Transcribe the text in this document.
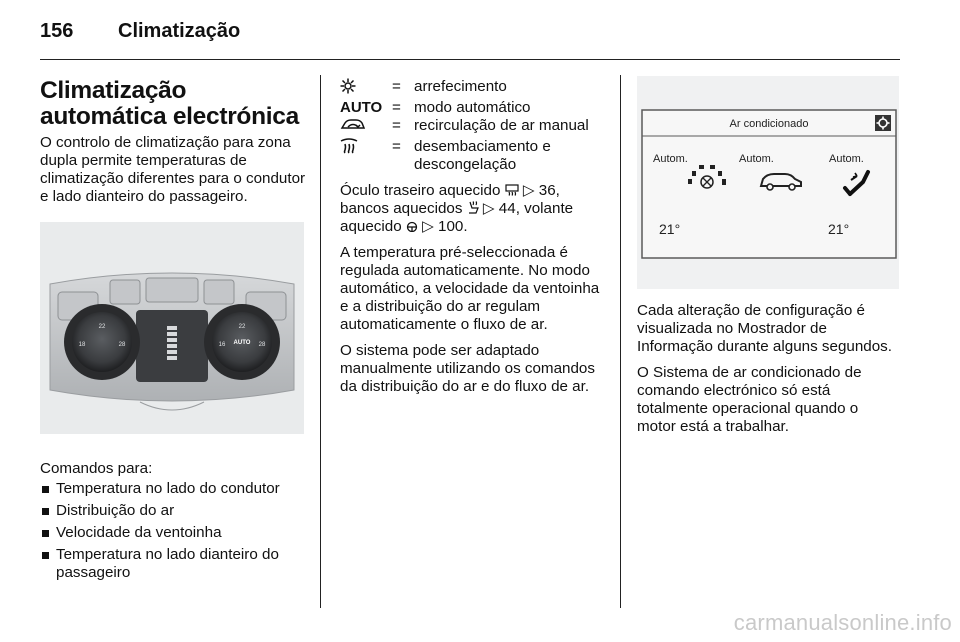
156 Climatização
Climatização automática electrónica

O controlo de climatização para zona dupla permite temperaturas de climatização diferentes para o condutor e lado dianteiro do passageiro.

22
18	28
22
16	28
AUTO
Comandos para:
Temperatura no lado do condutor
Distribuição do ar
Velocidade da ventoinha
Temperatura no lado dianteiro do passageiro
	=	arrefecimento
AUTO	=	modo automático
	=	recirculação de ar manual
	=	desembaciamento e descongelação

Óculo traseiro aquecido  ▷ 36, bancos aquecidos  ▷ 44, volante aquecido  ▷ 100.

A temperatura pré-seleccionada é regulada automaticamente. No modo automático, a velocidade da ventoinha e a distribuição do ar regulam automaticamente o fluxo de ar.

O sistema pode ser adaptado manualmente utilizando os comandos da distribuição do ar e do fluxo de ar.

Ar condicionado
Autom.	Autom.	Autom.
21°	21°

Cada alteração de configuração é visualizada no Mostrador de Informação durante alguns segundos.

O Sistema de ar condicionado de comando electrónico só está totalmente operacional quando o motor está a trabalhar.

carmanualsonline.info
